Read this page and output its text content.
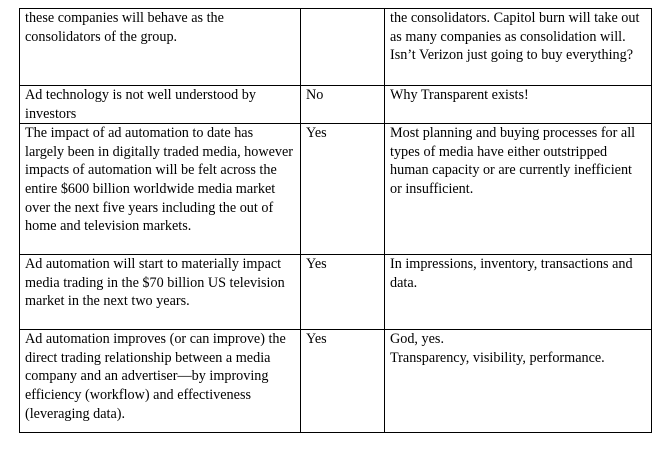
these companies will behave as the consolidators of the group.		the consolidators. Capitol burn will take out as many companies as consolidation will. Isn’t Verizon just going to buy everything?

Ad technology is not well understood by investors	No	Why Transparent exists!

The impact of ad automation to date has largely been in digitally traded media, however impacts of automation will be felt across the entire $600 billion worldwide media market over the next five years including the out of home and television markets.	Yes	Most planning and buying processes for all types of media have either outstripped human capacity or are currently inefficient or insufficient.

Ad automation will start to materially impact media trading in the $70 billion US television market in the next two years.	Yes	In impressions, inventory, transactions and data.

Ad automation improves (or can improve) the direct trading relationship between a media company and an advertiser—by improving efficiency (workflow) and effectiveness (leveraging data).	Yes	God, yes.
Transparency, visibility, performance.
